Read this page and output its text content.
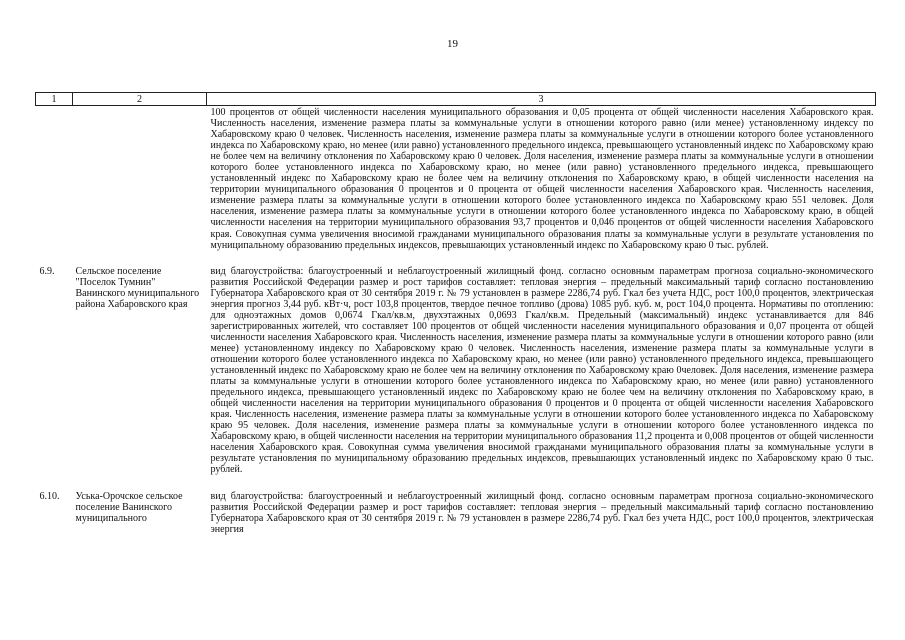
19
1	2	3
		100 процентов от общей численности населения муниципального образования и 0,05 процента от общей численности населения Хабаровского края. Численность населения, изменение размера платы за коммунальные услуги в отношении которого равно (или менее) установленному индексу по Хабаровскому краю 0 человек. Численность населения, изменение размера платы за коммунальные услуги в отношении которого более установленного индекса по Хабаровскому краю, но менее (или равно) установленного предельного индекса, превышающего установленный индекс по Хабаровскому краю не более чем на величину отклонения по Хабаровскому краю 0 человек. Доля населения, изменение размера платы за коммунальные услуги в отношении которого более установленного индекса по Хабаровскому краю, но менее (или равно) установленного предельного индекса, превышающего установленный индекс по Хабаровскому краю не более чем на величину отклонения по Хабаровскому краю, в общей численности населения на территории муниципального образования 0 процентов и 0 процента от общей численности населения Хабаровского края. Численность населения, изменение размера платы за коммунальные услуги в отношении которого более установленного индекса по Хабаровскому краю 551 человек. Доля населения, изменение размера платы за коммунальные услуги в отношении которого более установленного индекса по Хабаровскому краю, в общей численности населения на территории муниципального образования 93,7 процентов и 0,046 процентов от общей численности населения Хабаровского края. Совокупная сумма увеличения вносимой гражданами муниципального образования платы за коммунальные услуги в результате установления по муниципальному образованию предельных индексов, превышающих установленный индекс по Хабаровскому краю 0 тыс. рублей.

6.9.	Сельское поселение "Поселок Тумнин" Ванинского муниципального района Хабаровского края	вид благоустройства: благоустроенный и неблагоустроенный жилищный фонд. согласно основным параметрам прогноза социально-экономического развития Российской Федерации размер и рост тарифов составляет: тепловая энергия – предельный максимальный тариф согласно постановлению Губернатора Хабаровского края от 30 сентября 2019 г. № 79 установлен в размере 2286,74 руб. Гкал без учета НДС, рост 100,0 процентов, электрическая энергия прогноз 3,44 руб. кВт·ч, рост 103,8 процентов, твердое печное топливо (дрова) 1085 руб. куб. м, рост 104,0 процента. Нормативы по отоплению: для одноэтажных домов 0,0674 Гкал/кв.м, двухэтажных 0,0693 Гкал/кв.м. Предельный (максимальный) индекс устанавливается для 846 зарегистрированных жителей, что составляет 100 процентов от общей численности населения муниципального образования и 0,07 процента от общей численности населения Хабаровского края. Численность населения, изменение размера платы за коммунальные услуги в отношении которого равно (или менее) установленному индексу по Хабаровскому краю 0 человек. Численность населения, изменение размера платы за коммунальные услуги в отношении которого более установленного индекса по Хабаровскому краю, но менее (или равно) установленного предельного индекса, превышающего установленный индекс по Хабаровскому краю не более чем на величину отклонения по Хабаровскому краю 0человек. Доля населения, изменение размера платы за коммунальные услуги в отношении которого более установленного индекса по Хабаровскому краю, но менее (или равно) установленного предельного индекса, превышающего установленный индекс по Хабаровскому краю не более чем на величину отклонения по Хабаровскому краю, в общей численности населения на территории муниципального образования 0 процентов и 0 процента от общей численности населения Хабаровского края. Численность населения, изменение размера платы за коммунальные услуги в отношении которого более установленного индекса по Хабаровскому краю 95 человек. Доля населения, изменение размера платы за коммунальные услуги в отношении которого более установленного индекса по Хабаровскому краю, в общей численности населения на территории муниципального образования 11,2 процента и 0,008 процентов от общей численности населения Хабаровского края. Совокупная сумма увеличения вносимой гражданами муниципального образования платы за коммунальные услуги в результате установления по муниципальному образованию предельных индексов, превышающих установленный индекс по Хабаровскому краю 0 тыс. рублей.

6.10.	Уська-Орочское сельское поселение Ванинского муниципального	вид благоустройства: благоустроенный и неблагоустроенный жилищный фонд. согласно основным параметрам прогноза социально-экономического развития Российской Федерации размер и рост тарифов составляет: тепловая энергия – предельный максимальный тариф согласно постановлению Губернатора Хабаровского края от 30 сентября 2019 г. № 79 установлен в размере 2286,74 руб. Гкал без учета НДС, рост 100,0 процентов, электрическая энергия
